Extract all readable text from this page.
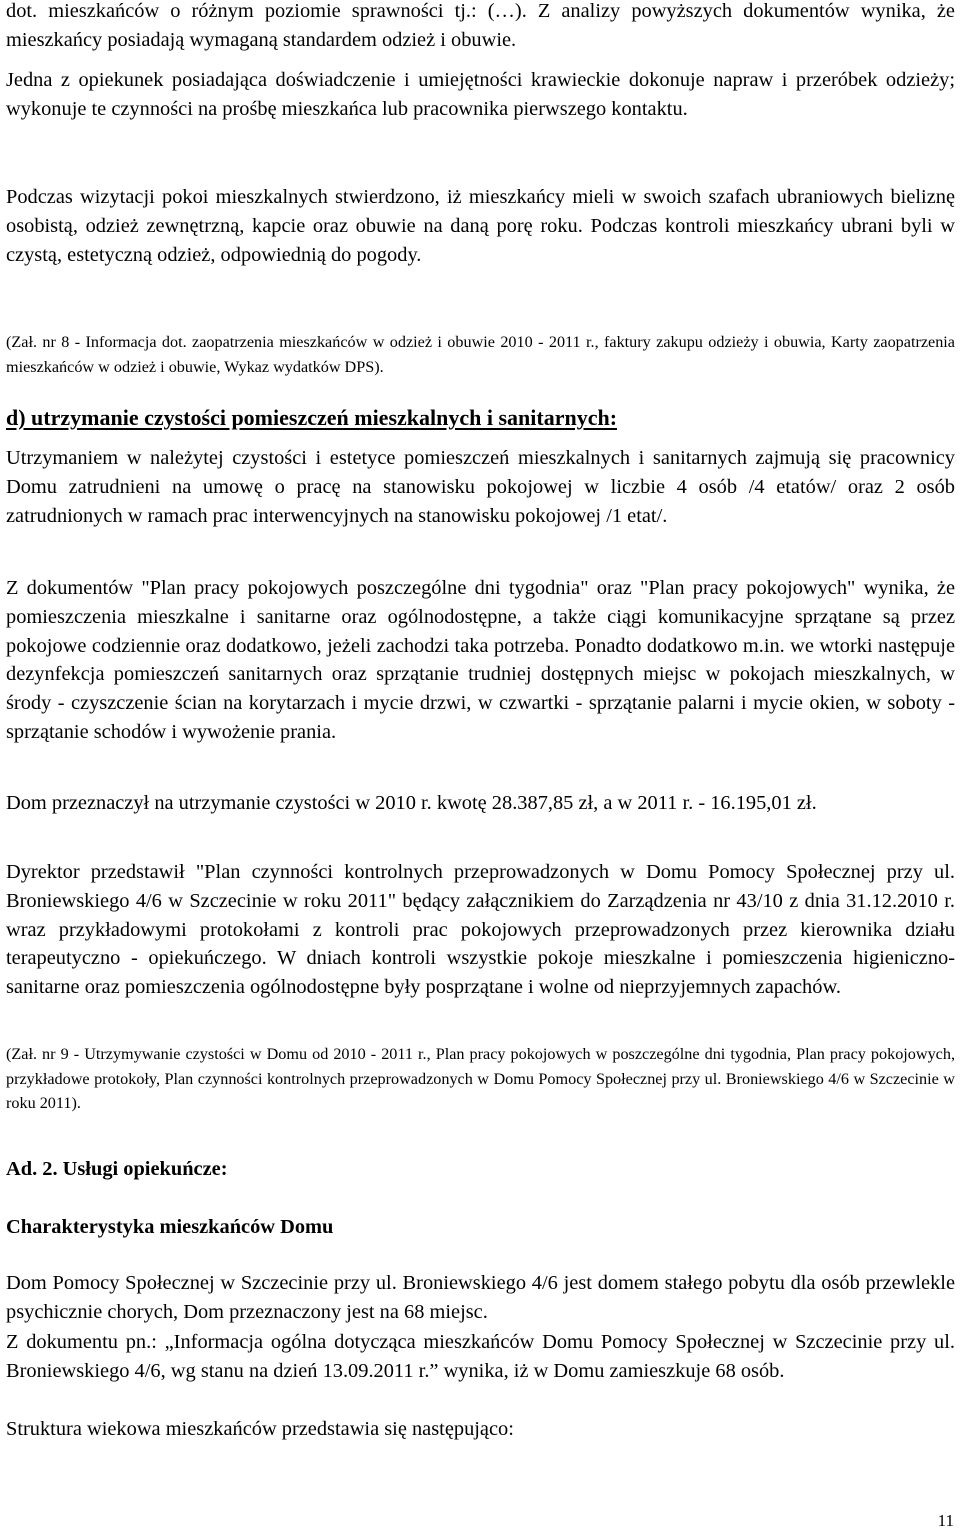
dot. mieszkańców o różnym poziomie sprawności tj.: (…). Z analizy powyższych dokumentów wynika, że mieszkańcy posiadają wymaganą standardem odzież i obuwie.

Jedna z opiekunek posiadająca doświadczenie i umiejętności krawieckie dokonuje napraw i przeróbek odzieży; wykonuje te czynności na prośbę mieszkańca lub pracownika pierwszego kontaktu.

Podczas wizytacji pokoi mieszkalnych stwierdzono, iż mieszkańcy mieli w swoich szafach ubraniowych bieliznę osobistą, odzież zewnętrzną, kapcie oraz obuwie na daną porę roku. Podczas kontroli mieszkańcy ubrani byli w czystą, estetyczną odzież, odpowiednią do pogody.

(Zał. nr 8 - Informacja dot. zaopatrzenia mieszkańców w odzież i obuwie 2010 - 2011 r., faktury zakupu odzieży i obuwia, Karty zaopatrzenia mieszkańców w odzież i obuwie, Wykaz wydatków DPS).

d) utrzymanie czystości pomieszczeń mieszkalnych i sanitarnych:

Utrzymaniem w należytej czystości i estetyce pomieszczeń mieszkalnych i sanitarnych zajmują się pracownicy Domu zatrudnieni na umowę o pracę na stanowisku pokojowej w liczbie 4 osób /4 etatów/ oraz 2 osób zatrudnionych w ramach prac interwencyjnych na stanowisku pokojowej /1 etat/.

Z dokumentów "Plan pracy pokojowych poszczególne dni tygodnia" oraz "Plan pracy pokojowych" wynika, że pomieszczenia mieszkalne i sanitarne oraz ogólnodostępne, a także ciągi komunikacyjne sprzątane są przez pokojowe codziennie oraz dodatkowo, jeżeli zachodzi taka potrzeba. Ponadto dodatkowo m.in. we wtorki następuje dezynfekcja pomieszczeń sanitarnych oraz sprzątanie trudniej dostępnych miejsc w pokojach mieszkalnych, w środy - czyszczenie ścian na korytarzach i mycie drzwi, w czwartki - sprzątanie palarni i mycie okien, w soboty - sprzątanie schodów i wywożenie prania.

Dom przeznaczył na utrzymanie czystości w 2010 r. kwotę 28.387,85 zł, a w 2011 r. - 16.195,01 zł.

Dyrektor przedstawił "Plan czynności kontrolnych przeprowadzonych w Domu Pomocy Społecznej przy ul. Broniewskiego 4/6 w Szczecinie w roku 2011" będący załącznikiem do Zarządzenia nr 43/10 z dnia 31.12.2010 r. wraz przykładowymi protokołami z kontroli prac pokojowych przeprowadzonych przez kierownika działu terapeutyczno - opiekuńczego. W dniach kontroli wszystkie pokoje mieszkalne i pomieszczenia higieniczno-sanitarne oraz pomieszczenia ogólnodostępne były posprzątane i wolne od nieprzyjemnych zapachów.

(Zał. nr 9 - Utrzymywanie czystości w Domu od 2010 - 2011 r., Plan pracy pokojowych w poszczególne dni tygodnia, Plan pracy pokojowych, przykładowe protokoły, Plan czynności kontrolnych przeprowadzonych w Domu Pomocy Społecznej przy ul. Broniewskiego 4/6 w Szczecinie w roku 2011).

Ad. 2. Usługi opiekuńcze:
Charakterystyka mieszkańców Domu

Dom Pomocy Społecznej w Szczecinie przy ul. Broniewskiego 4/6 jest domem stałego pobytu dla osób przewlekle psychicznie chorych, Dom przeznaczony jest na 68 miejsc.

Z dokumentu pn.: „Informacja ogólna dotycząca mieszkańców Domu Pomocy Społecznej w Szczecinie przy ul. Broniewskiego 4/6, wg stanu na dzień 13.09.2011 r.” wynika, iż w Domu zamieszkuje 68 osób.

Struktura wiekowa mieszkańców przedstawia się następująco:

11
